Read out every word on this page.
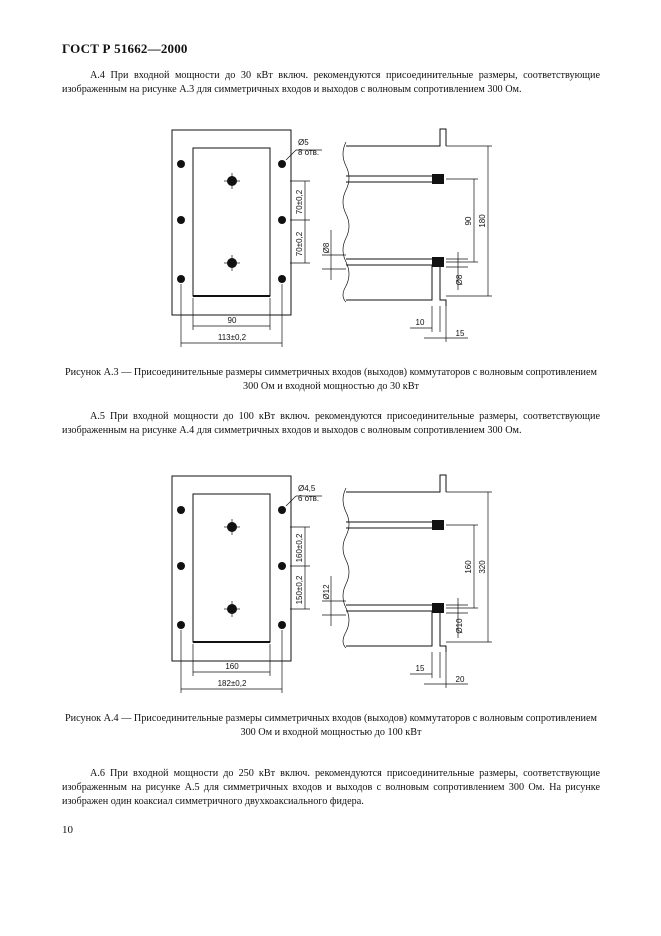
ГОСТ Р 51662—2000
А.4 При входной мощности до 30 кВт включ. рекомендуются присоединительные размеры, соответствующие изображенным на рисунке А.3 для симметричных входов и выходов с волновым сопротивлением 300 Ом.
Ø5
8 отв.
70±0,2
70±0,2
90
113±0,2
90 180
Ø8
Ø8
10
15
Рисунок А.3 — Присоединительные размеры симметричных входов (выходов) коммутаторов с волновым сопротивлением 300 Ом и входной мощностью до 30 кВт
А.5 При входной мощности до 100 кВт включ. рекомендуются присоединительные размеры, соответствующие изображенным на рисунке А.4 для симметричных входов и выходов с волновым сопротивлением 300 Ом.
Ø4,5
6 отв.
160±0,2
150±0,2
160
182±0,2
160 320
Ø12
Ø10
15
20
Рисунок А.4 — Присоединительные размеры симметричных входов (выходов) коммутаторов с волновым сопротивлением 300 Ом и входной мощностью до 100 кВт
А.6 При входной мощности до 250 кВт включ. рекомендуются присоединительные размеры, соответствующие изображенным на рисунке А.5 для симметричных входов и выходов с волновым сопротивлением 300 Ом. На рисунке изображен один коаксиал симметричного двухкоаксиального фидера.
10
